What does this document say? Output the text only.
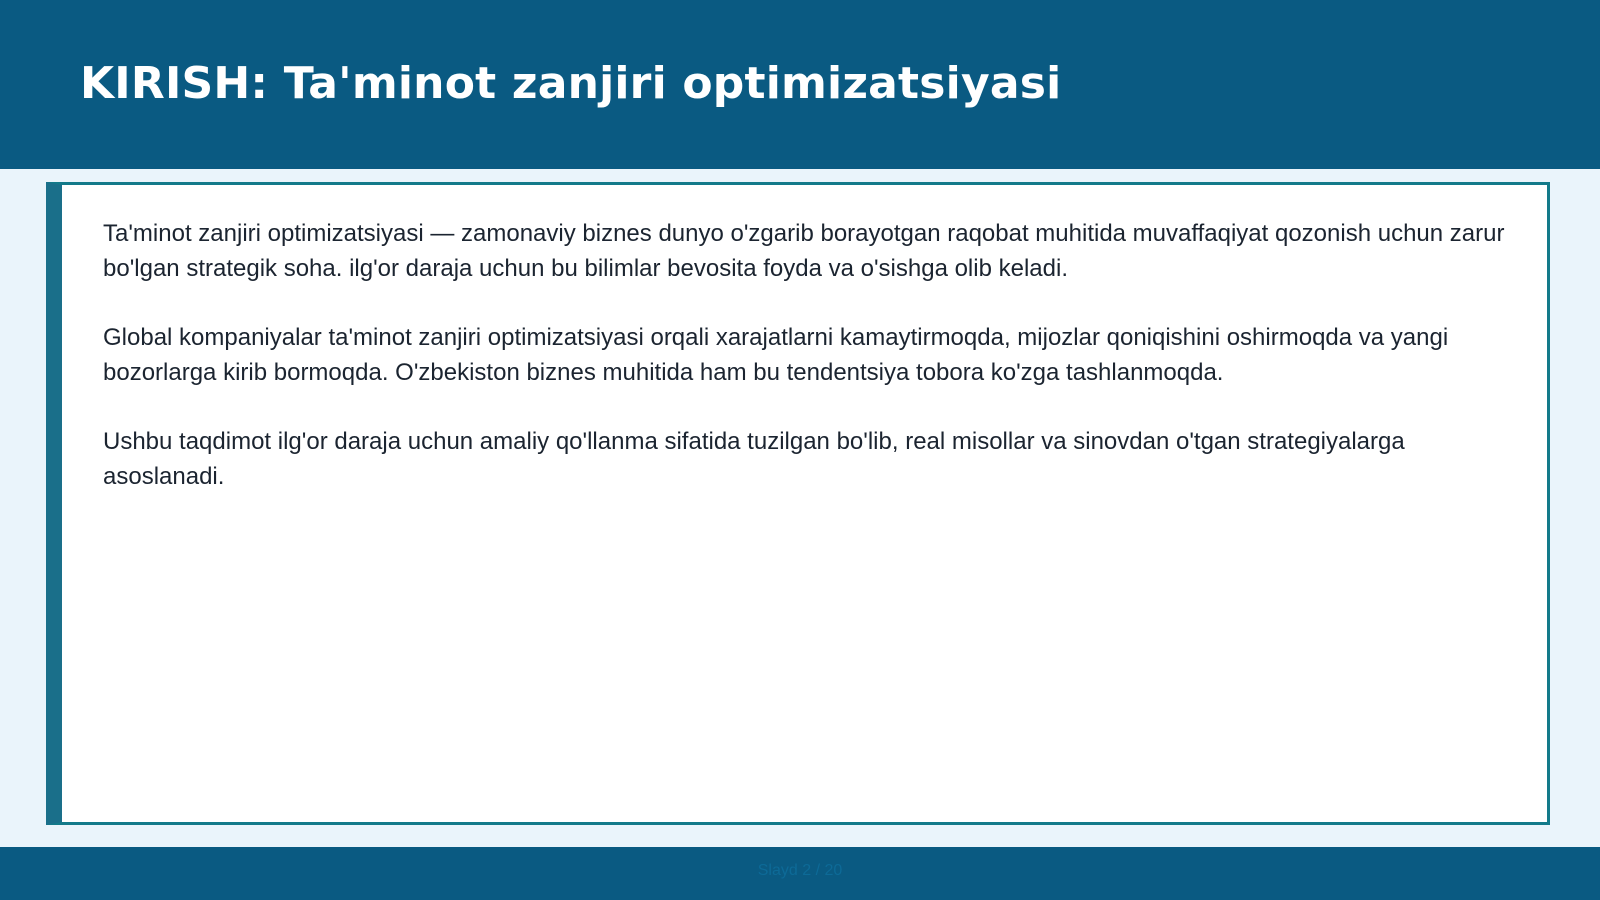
KIRISH: Ta'minot zanjiri optimizatsiyasi

Ta'minot zanjiri optimizatsiyasi — zamonaviy biznes dunyo o'zgarib borayotgan raqobat muhitida muvaffaqiyat qozonish uchun zarur bo'lgan strategik soha. ilg'or daraja uchun bu bilimlar bevosita foyda va o'sishga olib keladi.

Global kompaniyalar ta'minot zanjiri optimizatsiyasi orqali xarajatlarni kamaytirmoqda, mijozlar qoniqishini oshirmoqda va yangi bozorlarga kirib bormoqda. O'zbekiston biznes muhitida ham bu tendentsiya tobora ko'zga tashlanmoqda.

Ushbu taqdimot ilg'or daraja uchun amaliy qo'llanma sifatida tuzilgan bo'lib, real misollar va sinovdan o'tgan strategiyalarga asoslanadi.

Slayd 2 / 20
